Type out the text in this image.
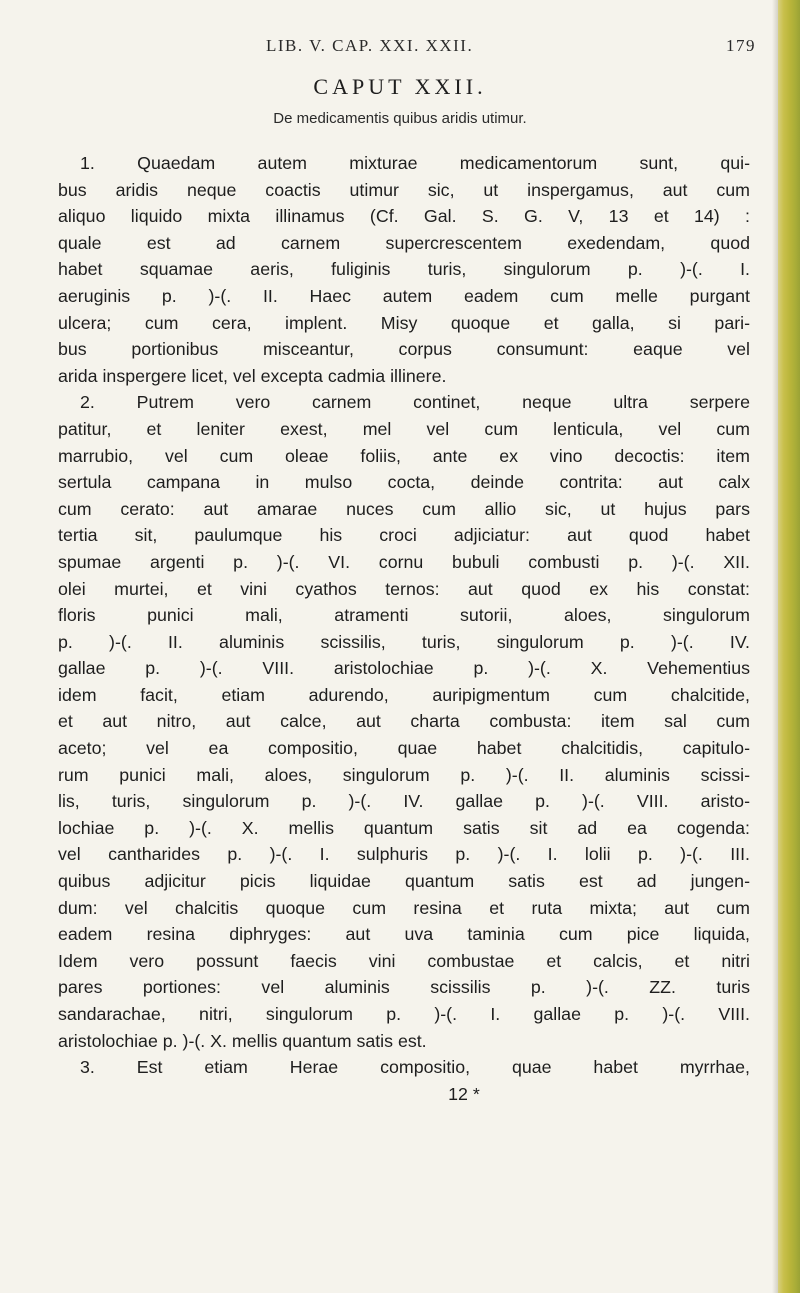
LIB. V. CAP. XXI. XXII.	179
CAPUT XXII.
De medicamentis quibus aridis utimur.
1. Quaedam autem mixturae medicamentorum sunt, qui-
bus aridis neque coactis utimur sic, ut inspergamus, aut cum
aliquo liquido mixta illinamus (Cf. Gal. S. G. V, 13 et 14) :
quale est ad carnem supercrescentem exedendam, quod
habet squamae aeris, fuliginis turis, singulorum p. )-(. I.
aeruginis p. )-(. II. Haec autem eadem cum melle purgant
ulcera; cum cera, implent. Misy quoque et galla, si pari-
bus portionibus misceantur, corpus consumunt: eaque vel
arida inspergere licet, vel excepta cadmia illinere.
2. Putrem vero carnem continet, neque ultra serpere
patitur, et leniter exest, mel vel cum lenticula, vel cum
marrubio, vel cum oleae foliis, ante ex vino decoctis: item
sertula campana in mulso cocta, deinde contrita: aut calx
cum cerato: aut amarae nuces cum allio sic, ut hujus pars
tertia sit, paulumque his croci adjiciatur: aut quod habet
spumae argenti p. )-(. VI. cornu bubuli combusti p. )-(. XII.
olei murtei, et vini cyathos ternos: aut quod ex his constat:
floris punici mali, atramenti sutorii, aloes, singulorum
p. )-(. II. aluminis scissilis, turis, singulorum p. )-(. IV.
gallae p. )-(. VIII. aristolochiae p. )-(. X. Vehementius
idem facit, etiam adurendo, auripigmentum cum chalcitide,
et aut nitro, aut calce, aut charta combusta: item sal cum
aceto; vel ea compositio, quae habet chalcitidis, capitulo-
rum punici mali, aloes, singulorum p. )-(. II. aluminis scissi-
lis, turis, singulorum p. )-(. IV. gallae p. )-(. VIII. aristo-
lochiae p. )-(. X. mellis quantum satis sit ad ea cogenda:
vel cantharides p. )-(. I. sulphuris p. )-(. I. lolii p. )-(. III.
quibus adjicitur picis liquidae quantum satis est ad jungen-
dum: vel chalcitis quoque cum resina et ruta mixta; aut cum
eadem resina diphryges: aut uva taminia cum pice liquida,
Idem vero possunt faecis vini combustae et calcis, et nitri
pares portiones: vel aluminis scissilis p. )-(. ZZ. turis
sandarachae, nitri, singulorum p. )-(. I. gallae p. )-(. VIII.
aristolochiae p. )-(. X. mellis quantum satis est.
3. Est etiam Herae compositio, quae habet myrrhae,
12 *
